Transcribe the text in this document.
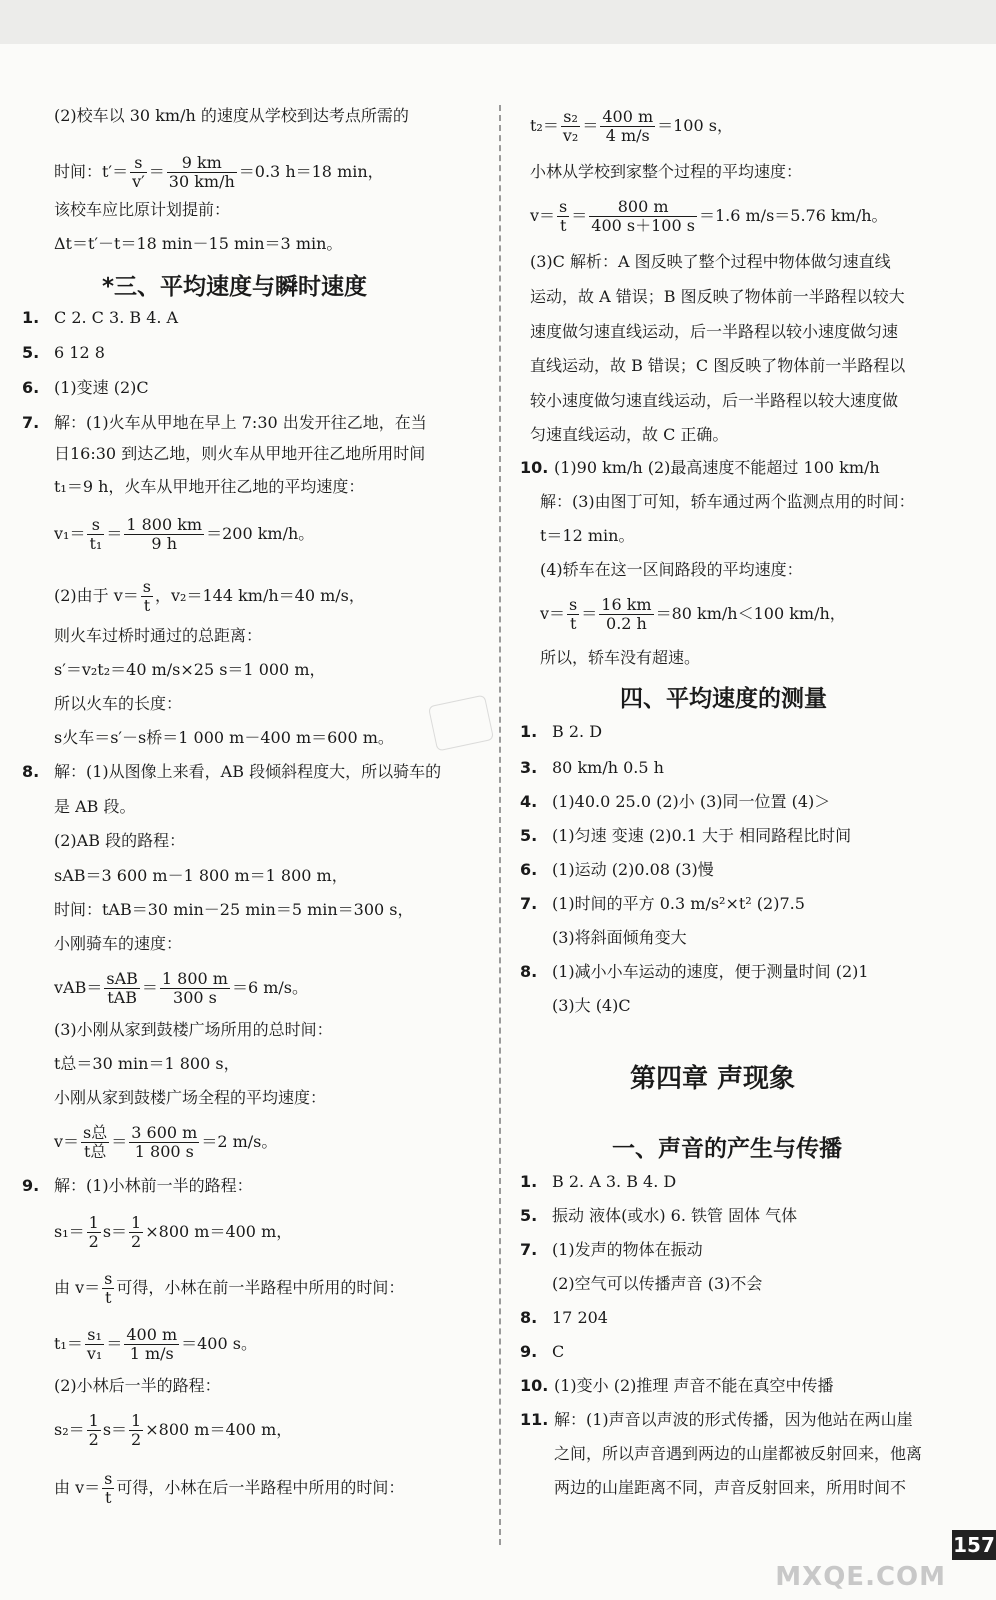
(2)校车以 30 km/h 的速度从学校到达考点所需的
时间：$t'= \frac{s}{v'} = \frac{9 km}{30 km/h} =0.3$ h＝18 min，
该校车应比原计划提前：
Δt＝t′－t＝18 min－15 min＝3 min。
*三、平均速度与瞬时速度
1. C 2. C 3. B 4. A
5. 6 12 8
6. (1)变速 (2)C
7. 解：(1)火车从甲地在早上 7:30 出发开往乙地，在当
日16:30 到达乙地，则火车从甲地开往乙地所用时间
t₁＝9 h，火车从甲地开往乙地的平均速度：
$v_1= \frac{s}{\text{t₁}} = \frac{1 800 km}{9 h} =200$ km/h。
(2)由于 $v= \frac{s}{t}$ ，v₂＝144 km/h＝40 m/s，
则火车过桥时通过的总距离：
s′＝v₂t₂＝40 m/s×25 s＝1 000 m，
所以火车的长度：
s火车＝s′－s桥＝1 000 m－400 m＝600 m。
8. 解：(1)从图像上来看，AB 段倾斜程度大，所以骑车的
是 AB 段。
(2)AB 段的路程：
sAB＝3 600 m－1 800 m＝1 800 m，
时间：tAB＝30 min－25 min＝5 min＝300 s，
小刚骑车的速度：
$vAB= \frac{\text{sAB}}{\text{tAB}} = \frac{1 800 m}{300 s} =6$ m/s。
(3)小刚从家到鼓楼广场所用的总时间：
t总＝30 min＝1 800 s，
小刚从家到鼓楼广场全程的平均速度：
$v= \frac{\text{s总}}{\text{t总}} = \frac{3 600 m}{1 800 s} =2$ m/s。
9. 解：(1)小林前一半的路程：
$s_1= \frac{1}{2} s= \frac{1}{2} \times 800$ m＝400 m，
由 $v= \frac{s}{t}$ 可得，小林在前一半路程中所用的时间：
$t_1= \frac{\text{s₁}}{\text{v₁}} = \frac{400 m}{1 m/s} =400$ s。
(2)小林后一半的路程：
$s_2= \frac{1}{2} s= \frac{1}{2} \times 800$ m＝400 m，
由 $v= \frac{s}{t}$ 可得，小林在后一半路程中所用的时间：
$t_2= \frac{\text{s₂}}{\text{v₂}} = \frac{400 m}{4 m/s} =100$ s，
小林从学校到家整个过程的平均速度：
$v= \frac{s}{t} = \frac{800 m}{400 s+100 s} =1.6$ m/s＝5.76 km/h。
(3)C 解析：A 图反映了整个过程中物体做匀速直线
运动，故 A 错误；B 图反映了物体前一半路程以较大
速度做匀速直线运动，后一半路程以较小速度做匀速
直线运动，故 B 错误；C 图反映了物体前一半路程以
较小速度做匀速直线运动，后一半路程以较大速度做
匀速直线运动，故 C 正确。
10. (1)90 km/h (2)最高速度不能超过 100 km/h
解：(3)由图丁可知，轿车通过两个监测点用的时间：
t＝12 min。
(4)轿车在这一区间路段的平均速度：
$v= \frac{s}{t} = \frac{16 km}{0.2 h} =80$ km/h＜100 km/h，
所以，轿车没有超速。
四、平均速度的测量
1. B 2. D
3. 80 km/h 0.5 h
4. (1)40.0 25.0 (2)小 (3)同一位置 (4)＞
5. (1)匀速 变速 (2)0.1 大于 相同路程比时间
6. (1)运动 (2)0.08 (3)慢
7. (1)时间的平方 0.3 m/s²×t² (2)7.5
(3)将斜面倾角变大
8. (1)减小小车运动的速度，便于测量时间 (2)1
(3)大 (4)C
第四章 声现象
一、声音的产生与传播
1. B 2. A 3. B 4. D
5. 振动 液体(或水) 6. 铁管 固体 气体
7. (1)发声的物体在振动
(2)空气可以传播声音 (3)不会
8. 17 204
9. C
10. (1)变小 (2)推理 声音不能在真空中传播
11. 解：(1)声音以声波的形式传播，因为他站在两山崖
之间，所以声音遇到两边的山崖都被反射回来，他离
两边的山崖距离不同，声音反射回来，所用时间不
MXQE.COM
157
